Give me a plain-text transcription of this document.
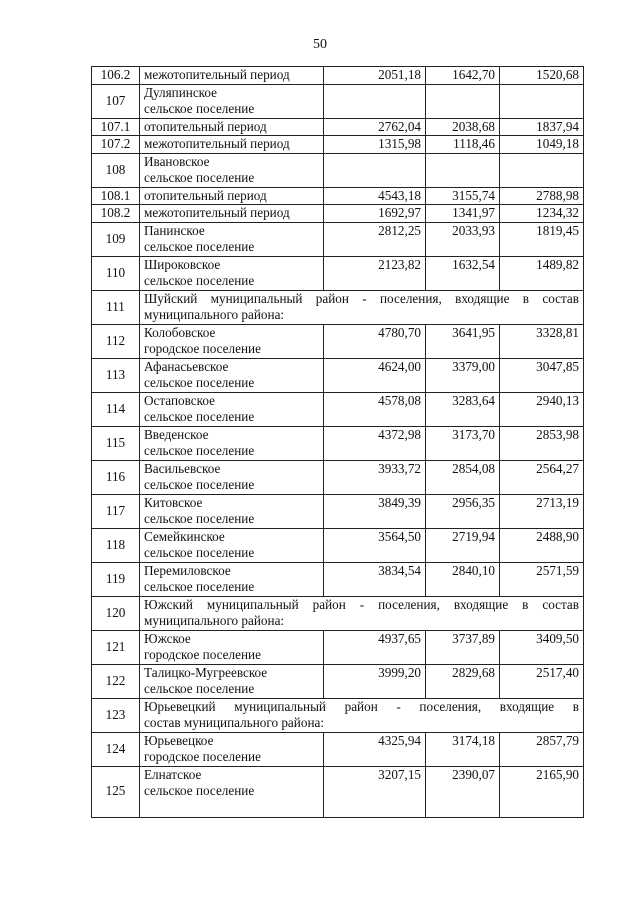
50
106.2	межотопительный период	2051,18	1642,70	1520,68
107	Дуляпинское
сельское поселение			
107.1	отопительный период	2762,04	2038,68	1837,94
107.2	межотопительный период	1315,98	1118,46	1049,18
108	Ивановское
сельское поселение			
108.1	отопительный период	4543,18	3155,74	2788,98
108.2	межотопительный период	1692,97	1341,97	1234,32
109	Панинское
сельское поселение	2812,25	2033,93	1819,45
110	Широковское
сельское поселение	2123,82	1632,54	1489,82
111	Шуйский муниципальный район - поселения, входящие в состав

муниципального района:			

112	Колобовское
городское поселение	4780,70	3641,95	3328,81
113	Афанасьевское
сельское поселение	4624,00	3379,00	3047,85
114	Остаповское
сельское поселение	4578,08	3283,64	2940,13
115	Введенское
сельское поселение	4372,98	3173,70	2853,98
116	Васильевское
сельское поселение	3933,72	2854,08	2564,27
117	Китовское
сельское поселение	3849,39	2956,35	2713,19
118	Семейкинское
сельское поселение	3564,50	2719,94	2488,90
119	Перемиловское
сельское поселение	3834,54	2840,10	2571,59
120	Южский муниципальный район - поселения, входящие в состав

муниципального района:			

121	Южское
городское поселение	4937,65	3737,89	3409,50
122	Талицко-Мугреевское
сельское поселение	3999,20	2829,68	2517,40
123	Юрьевецкий муниципальный район - поселения, входящие в

состав муниципального района:			

124	Юрьевецкое
городское поселение	4325,94	3174,18	2857,79
125	Елнатское
сельское поселение	3207,15	2390,07	2165,90
